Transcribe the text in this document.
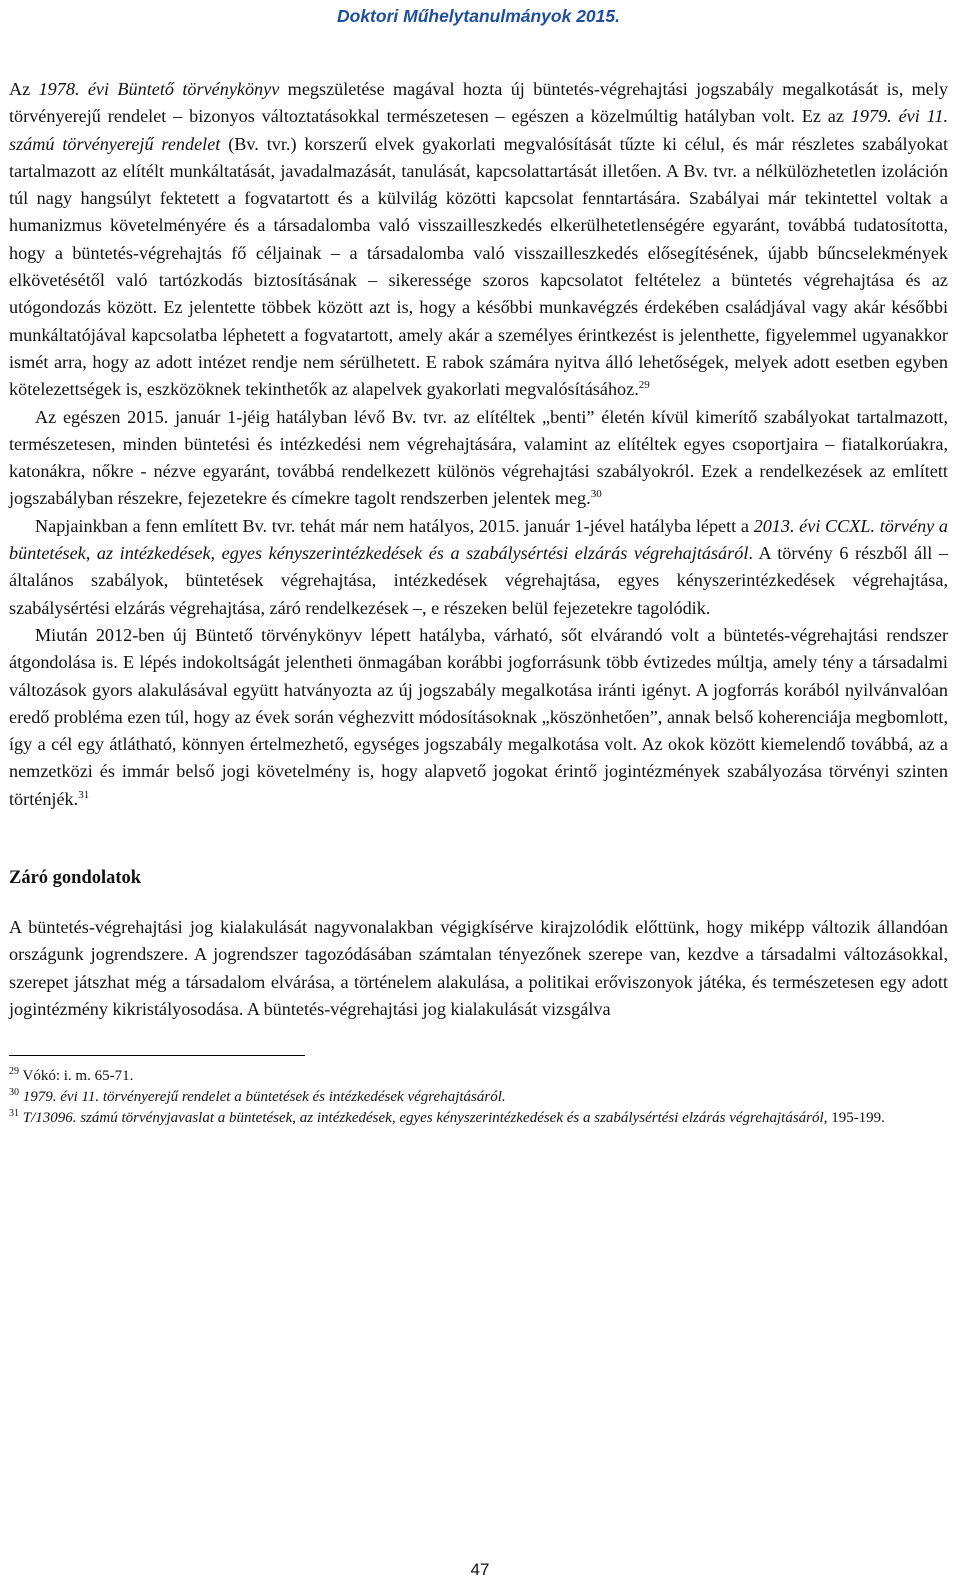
Doktori Műhelytanulmányok 2015.

Az 1978. évi Büntető törvénykönyv megszületése magával hozta új büntetés-végrehajtási jogszabály megalkotását is, mely törvényerejű rendelet – bizonyos változtatásokkal természetesen – egészen a közelmúltig hatályban volt. Ez az 1979. évi 11. számú törvényerejű rendelet (Bv. tvr.) korszerű elvek gyakorlati megvalósítását tűzte ki célul, és már részletes szabályokat tartalmazott az elítélt munkáltatását, javadalmazását, tanulását, kapcsolattartását illetően. A Bv. tvr. a nélkülözhetetlen izoláción túl nagy hangsúlyt fektetett a fogvatartott és a külvilág közötti kapcsolat fenntartására. Szabályai már tekintettel voltak a humanizmus követelményére és a társadalomba való visszailleszkedés elkerülhetetlenségére egyaránt, továbbá tudatosította, hogy a büntetés-végrehajtás fő céljainak – a társadalomba való visszailleszkedés elősegítésének, újabb bűncselekmények elkövetésétől való tartózkodás biztosításának – sikeressége szoros kapcsolatot feltételez a büntetés végrehajtása és az utógondozás között. Ez jelentette többek között azt is, hogy a későbbi munkavégzés érdekében családjával vagy akár későbbi munkáltatójával kapcsolatba léphetett a fogvatartott, amely akár a személyes érintkezést is jelenthette, figyelemmel ugyanakkor ismét arra, hogy az adott intézet rendje nem sérülhetett. E rabok számára nyitva álló lehetőségek, melyek adott esetben egyben kötelezettségek is, eszközöknek tekinthetők az alapelvek gyakorlati megvalósításához.$^{29}$

Az egészen 2015. január 1-jéig hatályban lévő Bv. tvr. az elítéltek „benti” életén kívül kimerítő szabályokat tartalmazott, természetesen, minden büntetési és intézkedési nem végrehajtására, valamint az elítéltek egyes csoportjaira – fiatalkorúakra, katonákra, nőkre - nézve egyaránt, továbbá rendelkezett különös végrehajtási szabályokról. Ezek a rendelkezések az említett jogszabályban részekre, fejezetekre és címekre tagolt rendszerben jelentek meg.$^{30}$

Napjainkban a fenn említett Bv. tvr. tehát már nem hatályos, 2015. január 1-jével hatályba lépett a 2013. évi CCXL. törvény a büntetések, az intézkedések, egyes kényszerintézkedések és a szabálysértési elzárás végrehajtásáról. A törvény 6 részből áll – általános szabályok, büntetések végrehajtása, intézkedések végrehajtása, egyes kényszerintézkedések végrehajtása, szabálysértési elzárás végrehajtása, záró rendelkezések –, e részeken belül fejezetekre tagolódik.

Miután 2012-ben új Büntető törvénykönyv lépett hatályba, várható, sőt elvárandó volt a büntetés-végrehajtási rendszer átgondolása is. E lépés indokoltságát jelentheti önmagában korábbi jogforrásunk több évtizedes múltja, amely tény a társadalmi változások gyors alakulásával együtt hatványozta az új jogszabály megalkotása iránti igényt. A jogforrás korából nyilvánvalóan eredő probléma ezen túl, hogy az évek során véghezvitt módosításoknak „köszönhetően”, annak belső koherenciája megbomlott, így a cél egy átlátható, könnyen értelmezhető, egységes jogszabály megalkotása volt. Az okok között kiemelendő továbbá, az a nemzetközi és immár belső jogi követelmény is, hogy alapvető jogokat érintő jogintézmények szabályozása törvényi szinten történjék.$^{31}$

Záró gondolatok

A büntetés-végrehajtási jog kialakulását nagyvonalakban végigkísérve kirajzolódik előttünk, hogy miképp változik állandóan országunk jogrendszere. A jogrendszer tagozódásában számtalan tényezőnek szerepe van, kezdve a társadalmi változásokkal, szerepet játszhat még a társadalom elvárása, a történelem alakulása, a politikai erőviszonyok játéka, és természetesen egy adott jogintézmény kikristályosodása. A büntetés-végrehajtási jog kialakulását vizsgálva

$^{29}$ Vókó: i. m. 65-71.

$^{30}$ 1979. évi 11. törvényerejű rendelet a büntetések és intézkedések végrehajtásáról.

$^{31}$ T/13096. számú törvényjavaslat a büntetések, az intézkedések, egyes kényszerintézkedések és a szabálysértési elzárás végrehajtásáról, 195-199.

47
